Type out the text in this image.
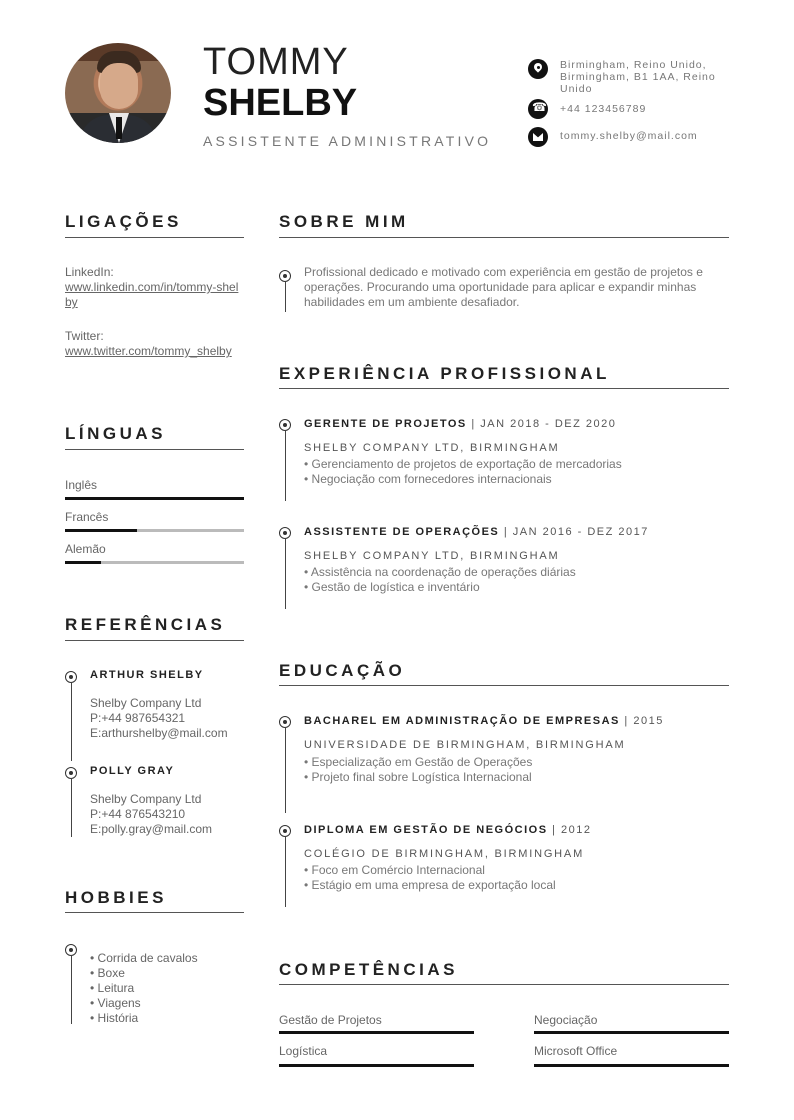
TOMMY
SHELBY
ASSISTENTE ADMINISTRATIVO
Birmingham, Reino Unido, Birmingham, B1 1AA, Reino Unido
☎
+44 123456789
tommy.shelby@mail.com
LIGAÇÕES
LinkedIn:
www.linkedin.com/in/tommy-shelby
Twitter:
www.twitter.com/tommy_shelby
LÍNGUAS
Inglês
Francês
Alemão
REFERÊNCIAS
ARTHUR SHELBY
Shelby Company Ltd
P:+44 987654321
E:arthurshelby@mail.com
POLLY GRAY
Shelby Company Ltd
P:+44 876543210
E:polly.gray@mail.com
HOBBIES
• Corrida de cavalos
• Boxe
• Leitura
• Viagens
• História
SOBRE MIM
Profissional dedicado e motivado com experiência em gestão de projetos e operações. Procurando uma oportunidade para aplicar e expandir minhas habilidades em um ambiente desafiador.
EXPERIÊNCIA PROFISSIONAL
GERENTE DE PROJETOS | JAN 2018 - DEZ 2020
SHELBY COMPANY LTD, BIRMINGHAM
• Gerenciamento de projetos de exportação de mercadorias
• Negociação com fornecedores internacionais
ASSISTENTE DE OPERAÇÕES | JAN 2016 - DEZ 2017
SHELBY COMPANY LTD, BIRMINGHAM
• Assistência na coordenação de operações diárias
• Gestão de logística e inventário
EDUCAÇÃO
BACHAREL EM ADMINISTRAÇÃO DE EMPRESAS | 2015
UNIVERSIDADE DE BIRMINGHAM, BIRMINGHAM
• Especialização em Gestão de Operações
• Projeto final sobre Logística Internacional
DIPLOMA EM GESTÃO DE NEGÓCIOS | 2012
COLÉGIO DE BIRMINGHAM, BIRMINGHAM
• Foco em Comércio Internacional
• Estágio em uma empresa de exportação local
COMPETÊNCIAS
Gestão de Projetos	Negociação
Logística	Microsoft Office
